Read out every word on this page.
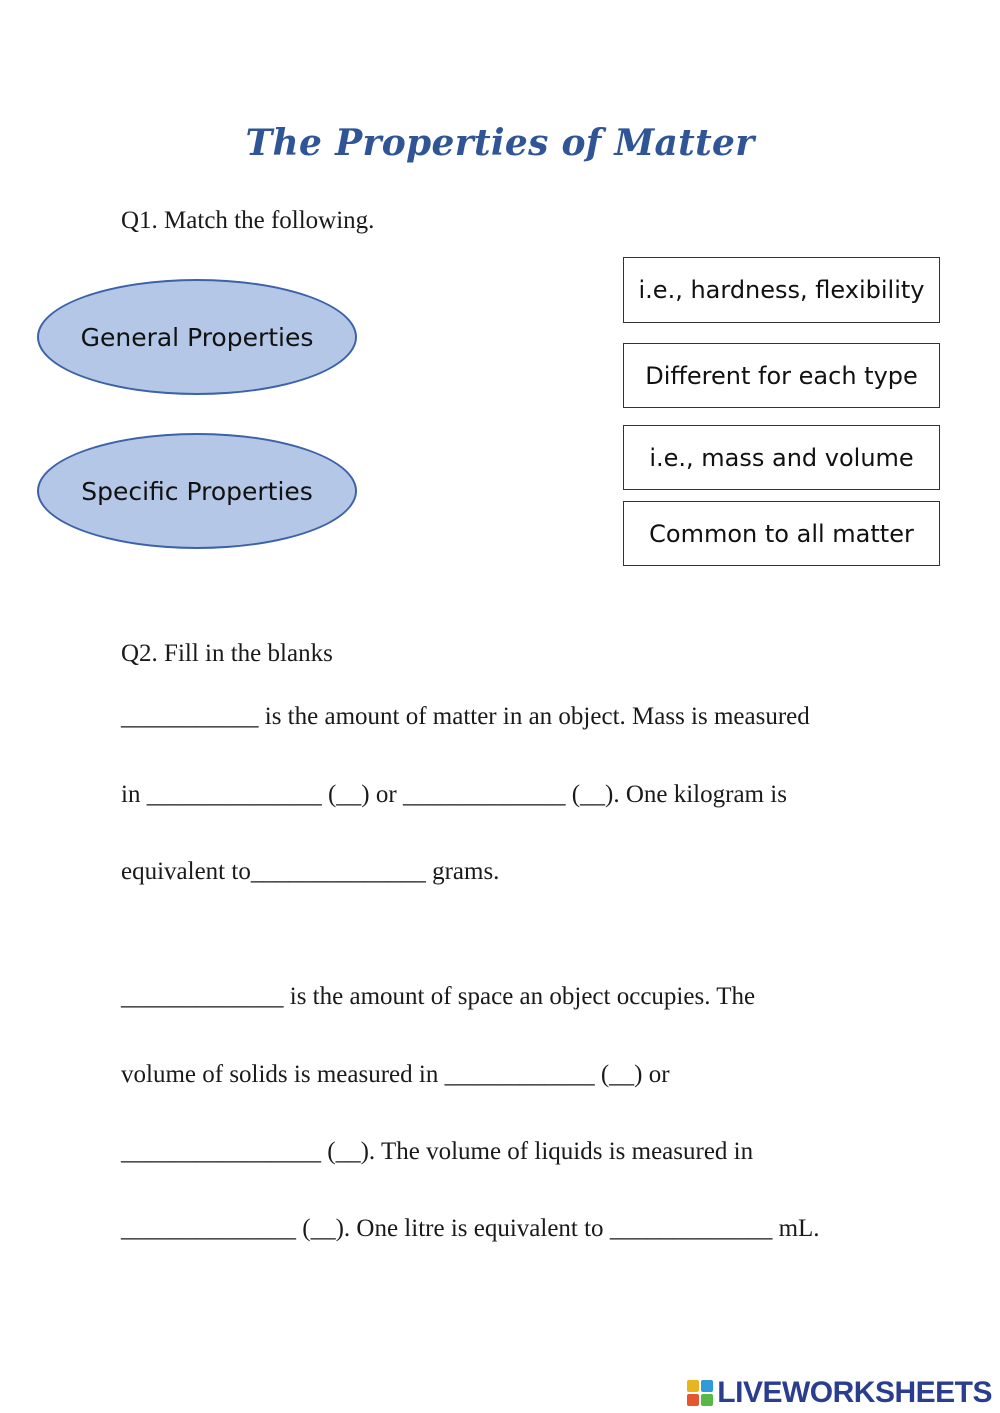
The Properties of Matter
Q1. Match the following.
General Properties
Specific Properties
i.e., hardness, flexibility
Different for each type
i.e., mass and volume
Common to all matter
Q2. Fill in the blanks
___________ is the amount of matter in an object. Mass is measured
in ______________ (__) or _____________ (__). One kilogram is
equivalent to______________ grams.
_____________ is the amount of space an object occupies. The
volume of solids is measured in ____________ (__) or
________________ (__). The volume of liquids is measured in
______________ (__). One litre is equivalent to _____________ mL.
LIVEWORKSHEETS
